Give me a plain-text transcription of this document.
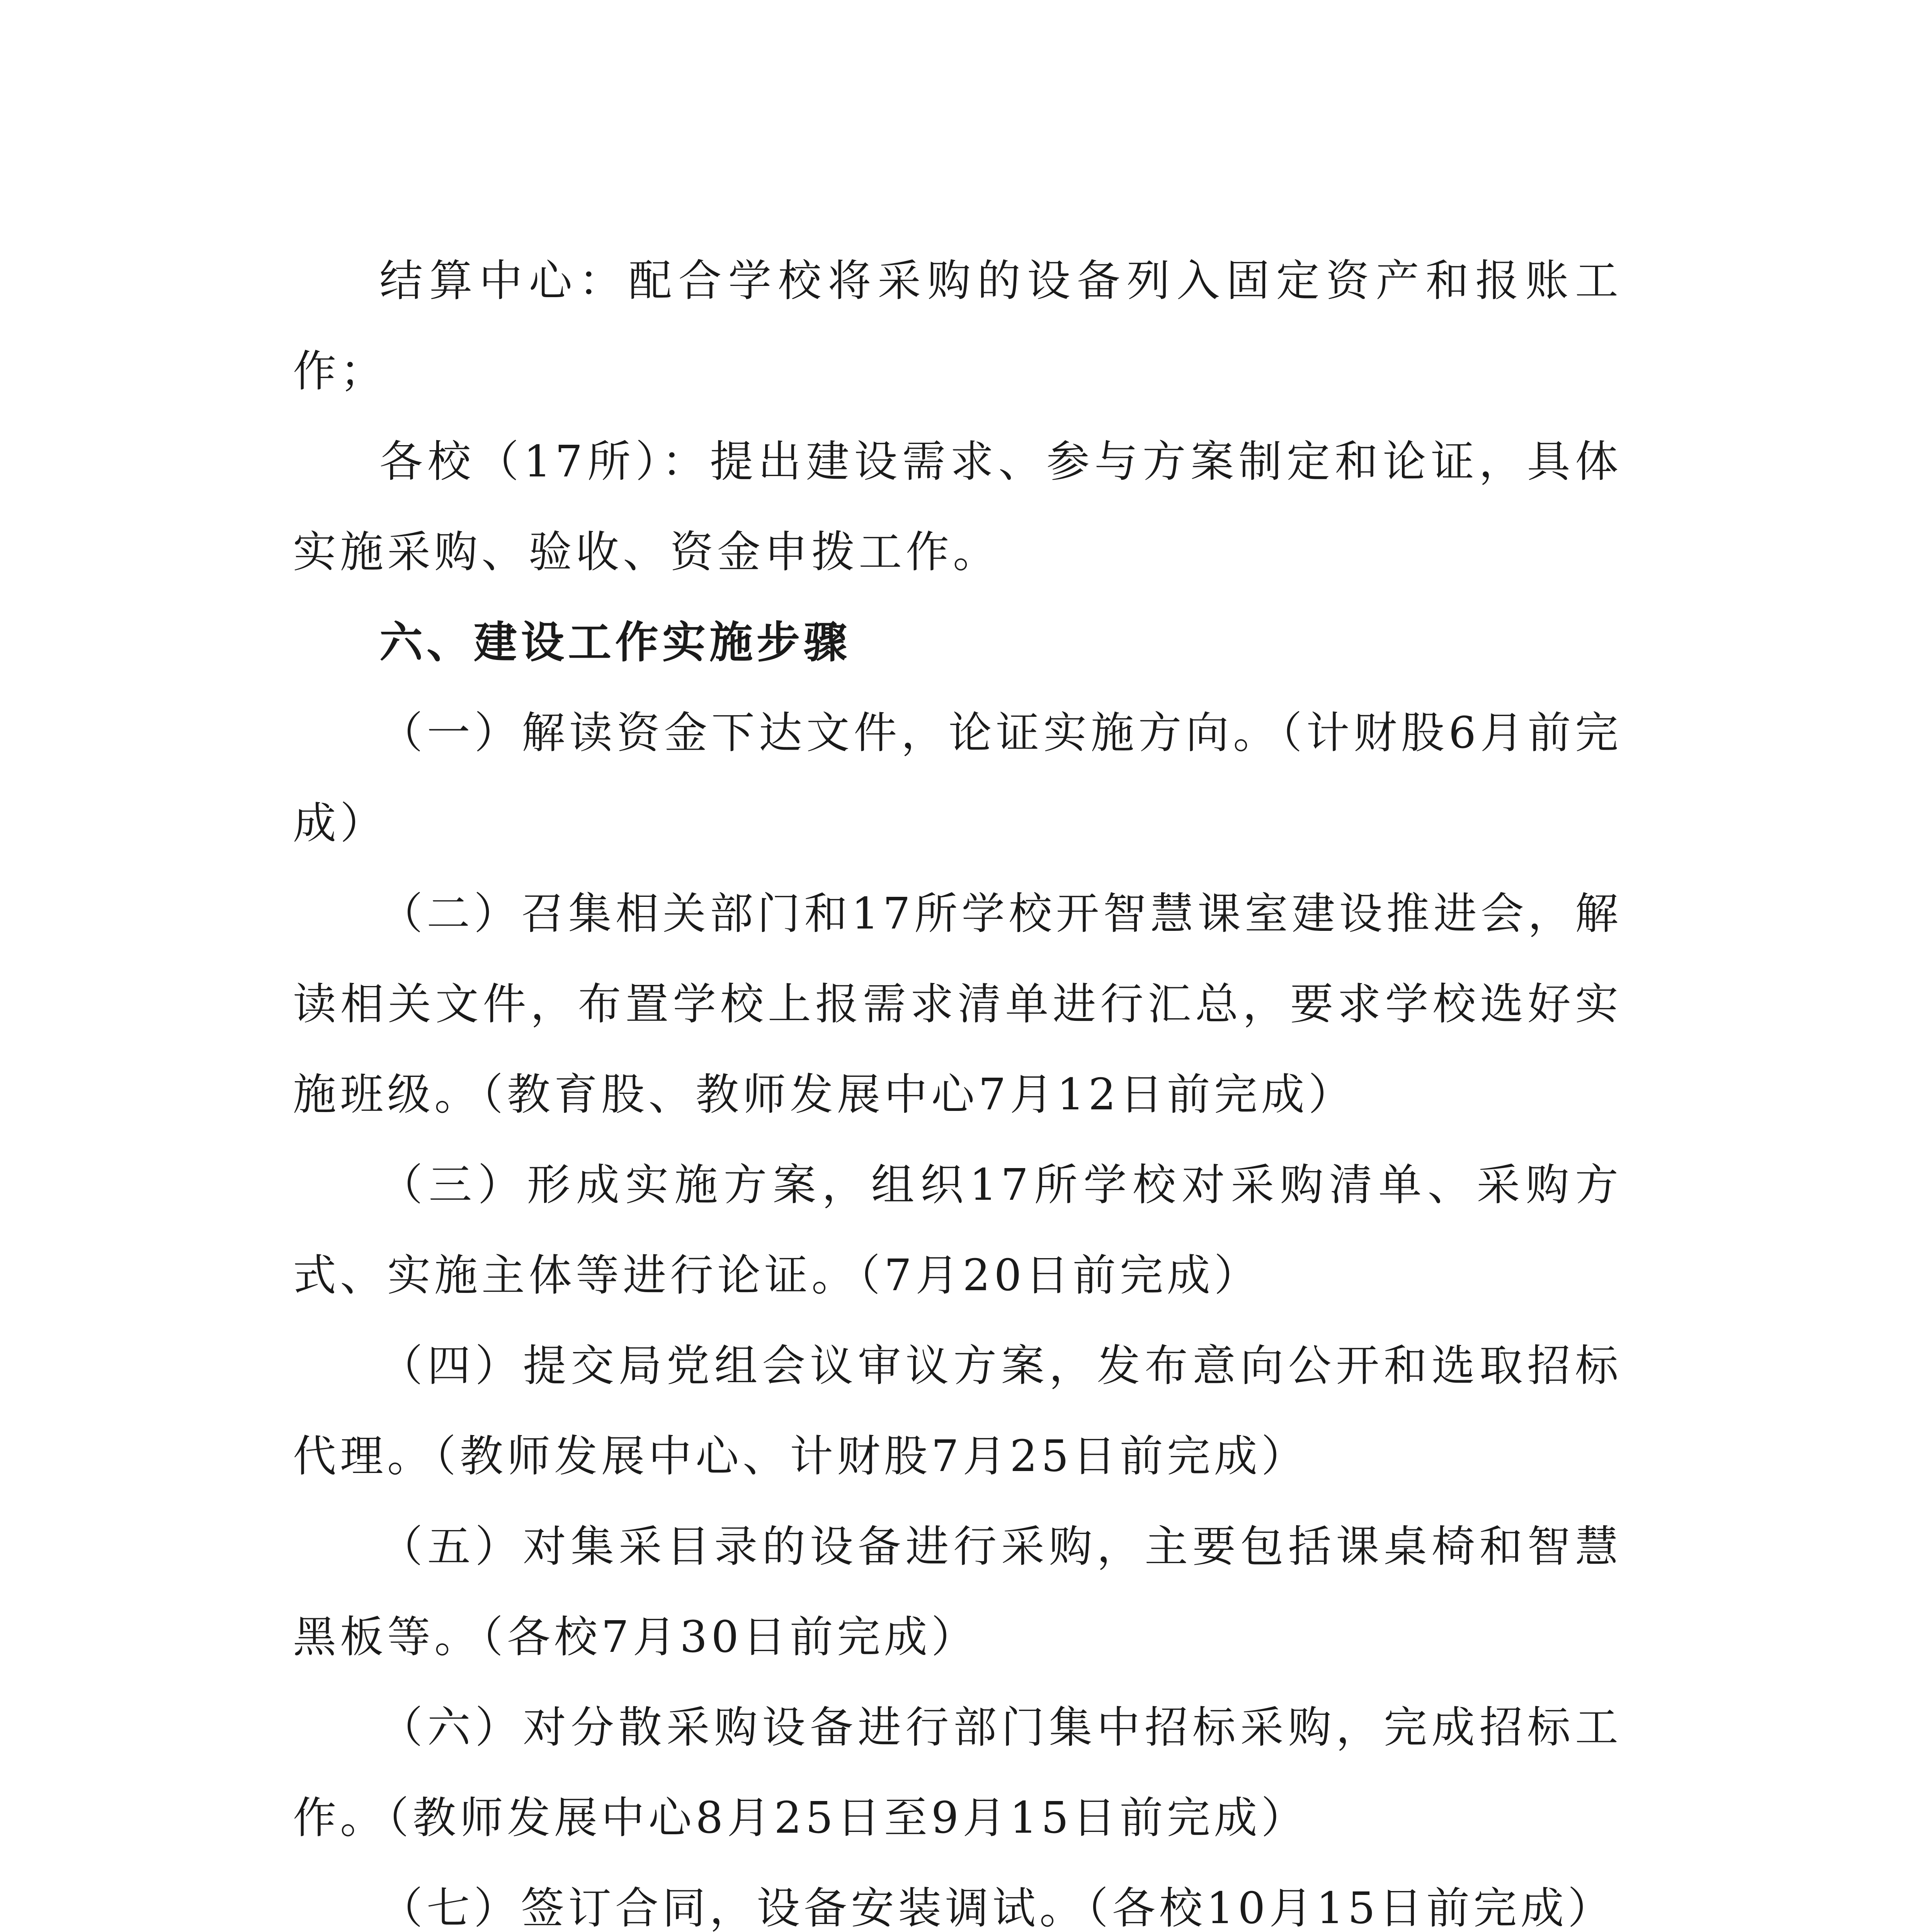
结算中心：配合学校将采购的设备列入固定资产和报账工作；

各校（17所）：提出建设需求、参与方案制定和论证，具体实施采购、验收、资金申拨工作。

六、建设工作实施步骤

（一）解读资金下达文件，论证实施方向。（计财股6月前完成）

（二）召集相关部门和17所学校开智慧课室建设推进会，解读相关文件，布置学校上报需求清单进行汇总，要求学校选好实施班级。（教育股、教师发展中心7月12日前完成）

（三）形成实施方案，组织17所学校对采购清单、采购方式、实施主体等进行论证。（7月20日前完成）

（四）提交局党组会议审议方案，发布意向公开和选取招标代理。（教师发展中心、计财股7月25日前完成）

（五）对集采目录的设备进行采购，主要包括课桌椅和智慧黑板等。（各校7月30日前完成）

（六）对分散采购设备进行部门集中招标采购，完成招标工作。（教师发展中心8月25日至9月15日前完成）

（七）签订合同，设备安装调试。（各校10月15日前完成）
